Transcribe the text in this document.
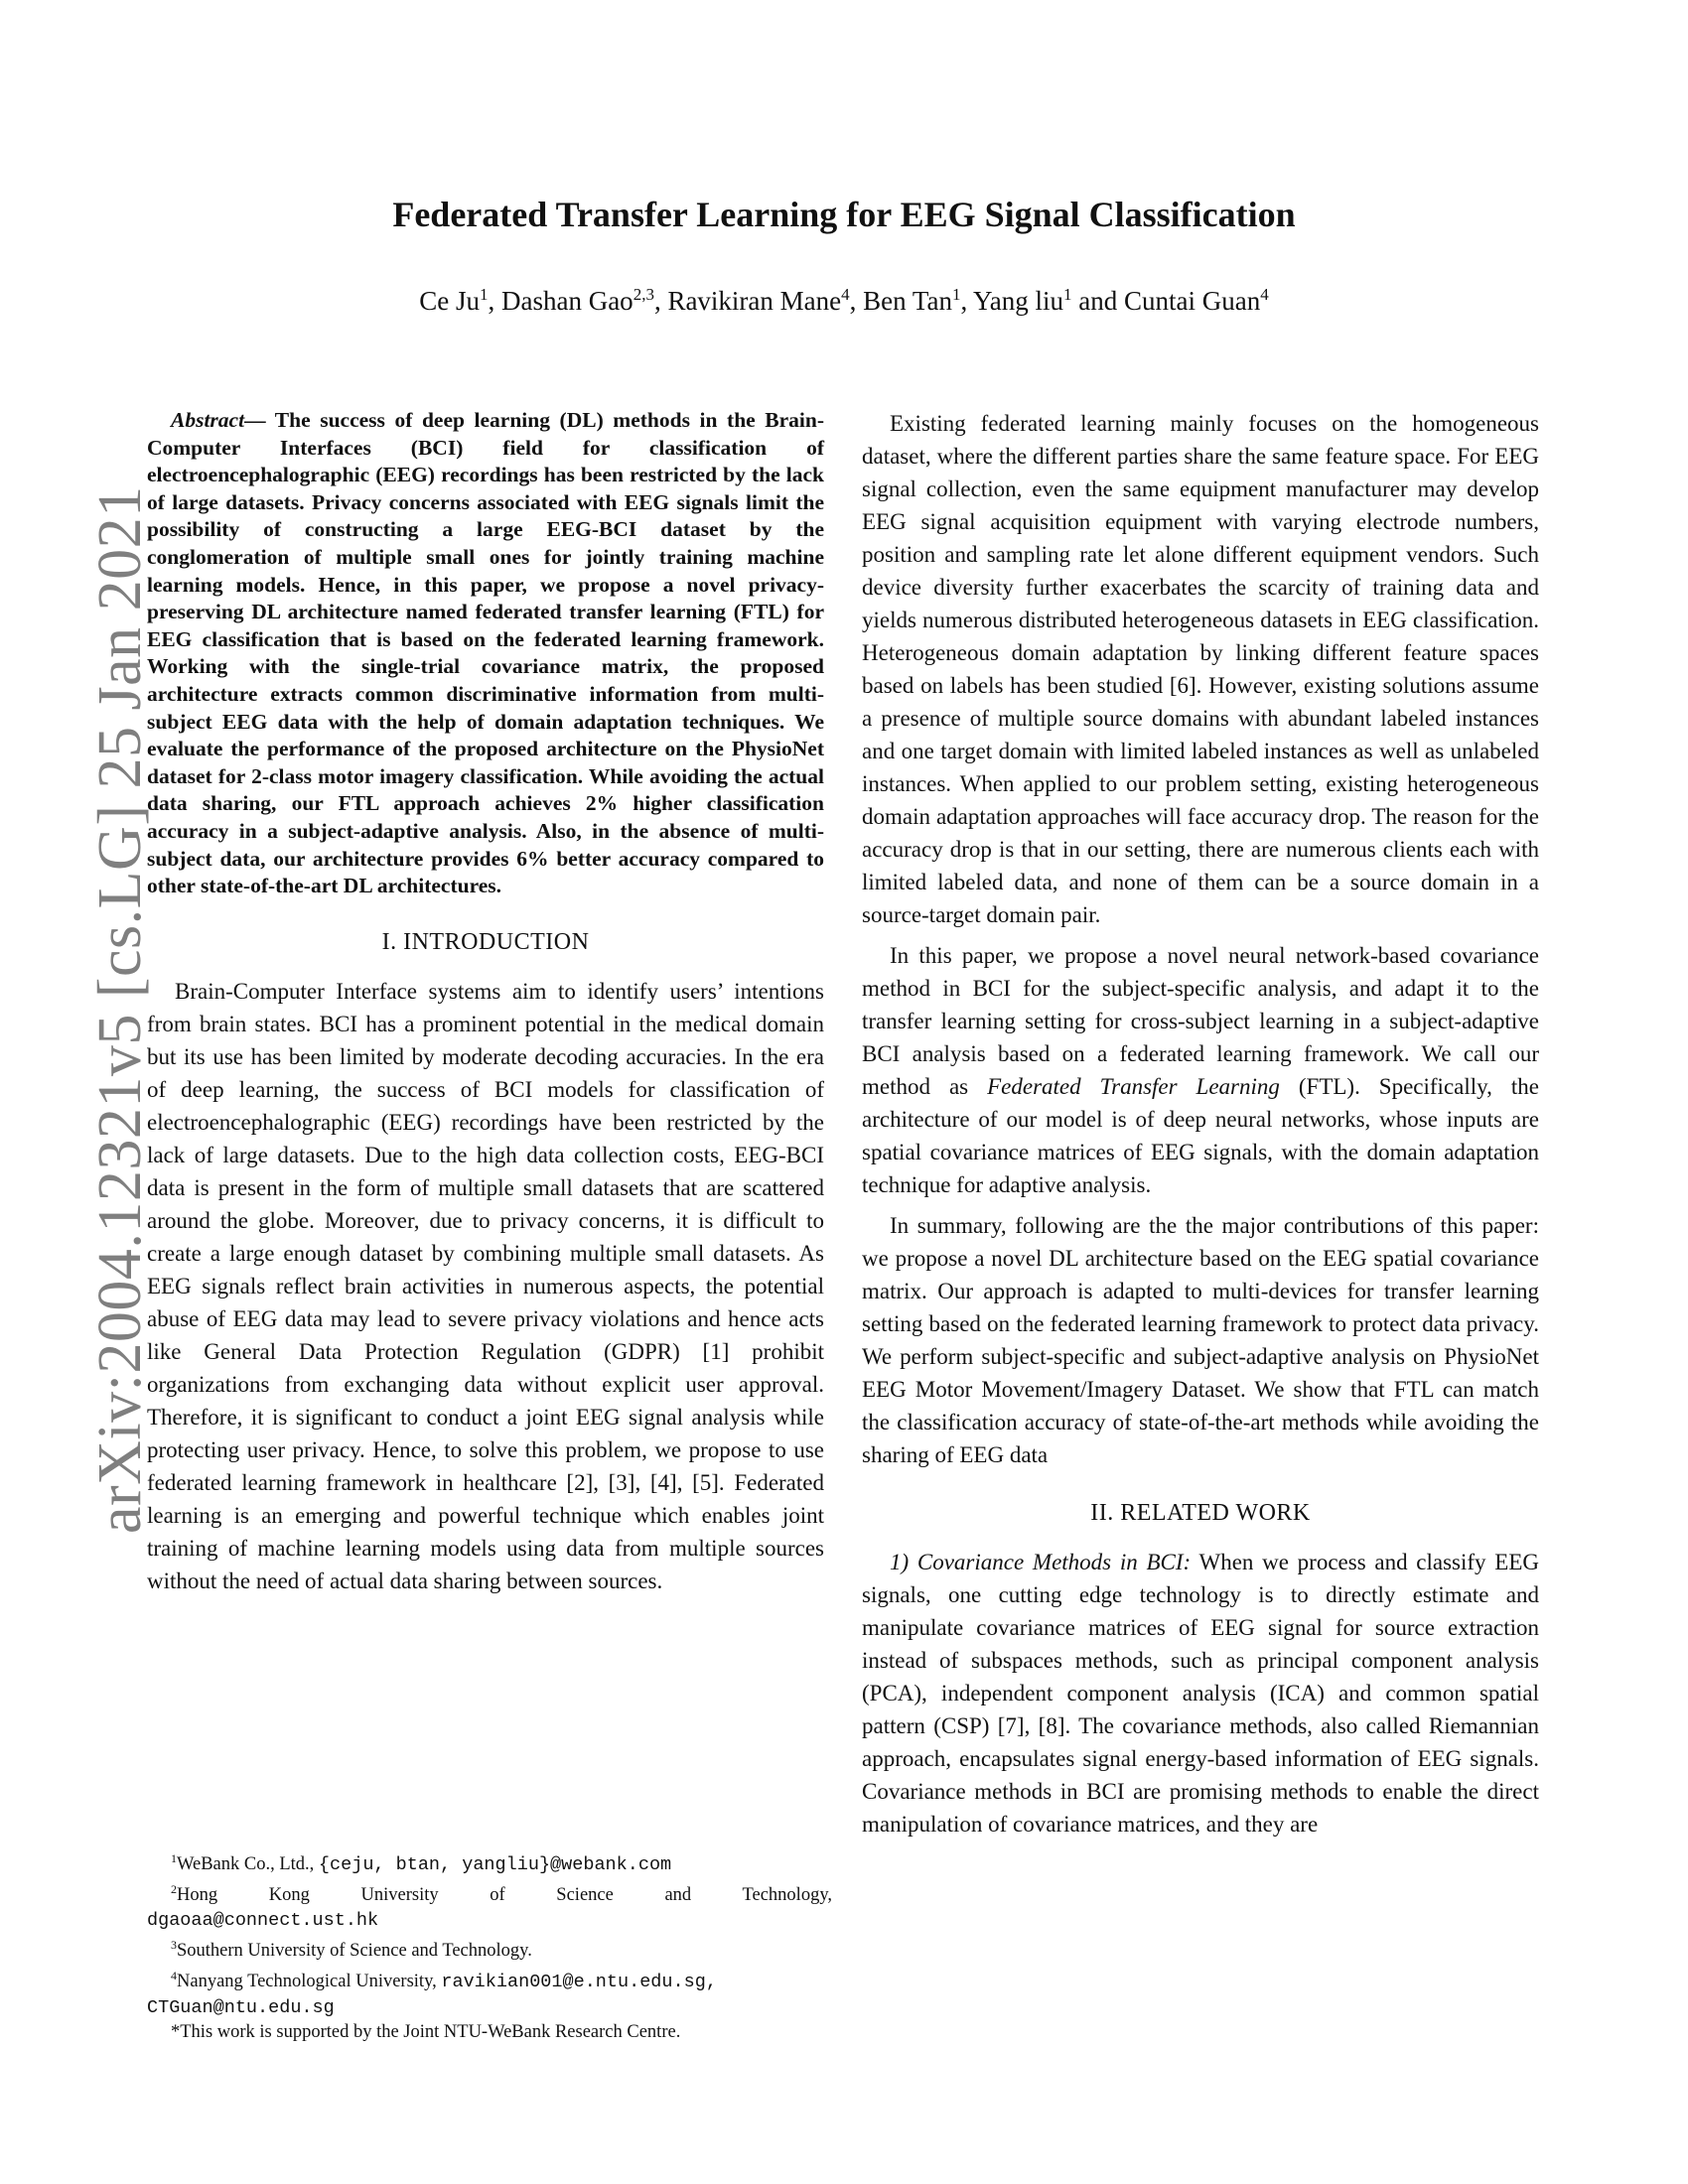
arXiv:2004.12321v5 [cs.LG] 25 Jan 2021
Federated Transfer Learning for EEG Signal Classification
Ce Ju$^1$, Dashan Gao$^{2,3}$, Ravikiran Mane$^4$, Ben Tan$^1$, Yang liu$^1$ and Cuntai Guan$^4$

Abstract— The success of deep learning (DL) methods in the Brain-Computer Interfaces (BCI) field for classification of electroencephalographic (EEG) recordings has been restricted by the lack of large datasets. Privacy concerns associated with EEG signals limit the possibility of constructing a large EEG-BCI dataset by the conglomeration of multiple small ones for jointly training machine learning models. Hence, in this paper, we propose a novel privacy-preserving DL architecture named federated transfer learning (FTL) for EEG classification that is based on the federated learning framework. Working with the single-trial covariance matrix, the proposed architecture extracts common discriminative information from multi-subject EEG data with the help of domain adaptation techniques. We evaluate the performance of the proposed architecture on the PhysioNet dataset for 2-class motor imagery classification. While avoiding the actual data sharing, our FTL approach achieves 2% higher classification accuracy in a subject-adaptive analysis. Also, in the absence of multi-subject data, our architecture provides 6% better accuracy compared to other state-of-the-art DL architectures.

I. INTRODUCTION

Brain-Computer Interface systems aim to identify users’ intentions from brain states. BCI has a prominent potential in the medical domain but its use has been limited by moderate decoding accuracies. In the era of deep learning, the success of BCI models for classification of electroencephalographic (EEG) recordings have been restricted by the lack of large datasets. Due to the high data collection costs, EEG-BCI data is present in the form of multiple small datasets that are scattered around the globe. Moreover, due to privacy concerns, it is difficult to create a large enough dataset by combining multiple small datasets. As EEG signals reflect brain activities in numerous aspects, the potential abuse of EEG data may lead to severe privacy violations and hence acts like General Data Protection Regulation (GDPR) [1] prohibit organizations from exchanging data without explicit user approval. Therefore, it is significant to conduct a joint EEG signal analysis while protecting user privacy. Hence, to solve this problem, we propose to use federated learning framework in healthcare [2], [3], [4], [5]. Federated learning is an emerging and powerful technique which enables joint training of machine learning models using data from multiple sources without the need of actual data sharing between sources.

Existing federated learning mainly focuses on the homogeneous dataset, where the different parties share the same feature space. For EEG signal collection, even the same equipment manufacturer may develop EEG signal acquisition equipment with varying electrode numbers, position and sampling rate let alone different equipment vendors. Such device diversity further exacerbates the scarcity of training data and yields numerous distributed heterogeneous datasets in EEG classification. Heterogeneous domain adaptation by linking different feature spaces based on labels has been studied [6]. However, existing solutions assume a presence of multiple source domains with abundant labeled instances and one target domain with limited labeled instances as well as unlabeled instances. When applied to our problem setting, existing heterogeneous domain adaptation approaches will face accuracy drop. The reason for the accuracy drop is that in our setting, there are numerous clients each with limited labeled data, and none of them can be a source domain in a source-target domain pair.

In this paper, we propose a novel neural network-based covariance method in BCI for the subject-specific analysis, and adapt it to the transfer learning setting for cross-subject learning in a subject-adaptive BCI analysis based on a federated learning framework. We call our method as Federated Transfer Learning (FTL). Specifically, the architecture of our model is of deep neural networks, whose inputs are spatial covariance matrices of EEG signals, with the domain adaptation technique for adaptive analysis.

In summary, following are the the major contributions of this paper: we propose a novel DL architecture based on the EEG spatial covariance matrix. Our approach is adapted to multi-devices for transfer learning setting based on the federated learning framework to protect data privacy. We perform subject-specific and subject-adaptive analysis on PhysioNet EEG Motor Movement/Imagery Dataset. We show that FTL can match the classification accuracy of state-of-the-art methods while avoiding the sharing of EEG data

II. RELATED WORK

1) Covariance Methods in BCI: When we process and classify EEG signals, one cutting edge technology is to directly estimate and manipulate covariance matrices of EEG signal for source extraction instead of subspaces methods, such as principal component analysis (PCA), independent component analysis (ICA) and common spatial pattern (CSP) [7], [8]. The covariance methods, also called Riemannian approach, encapsulates signal energy-based information of EEG signals. Covariance methods in BCI are promising methods to enable the direct manipulation of covariance matrices, and they are

$^1$WeBank Co., Ltd., {ceju, btan, yangliu}@webank.com

$^2$Hong Kong University of Science and Technology,

dgaoaa@connect.ust.hk

$^3$Southern University of Science and Technology.

$^4$Nanyang Technological University, ravikian001@e.ntu.edu.sg,

CTGuan@ntu.edu.sg

*This work is supported by the Joint NTU-WeBank Research Centre.
